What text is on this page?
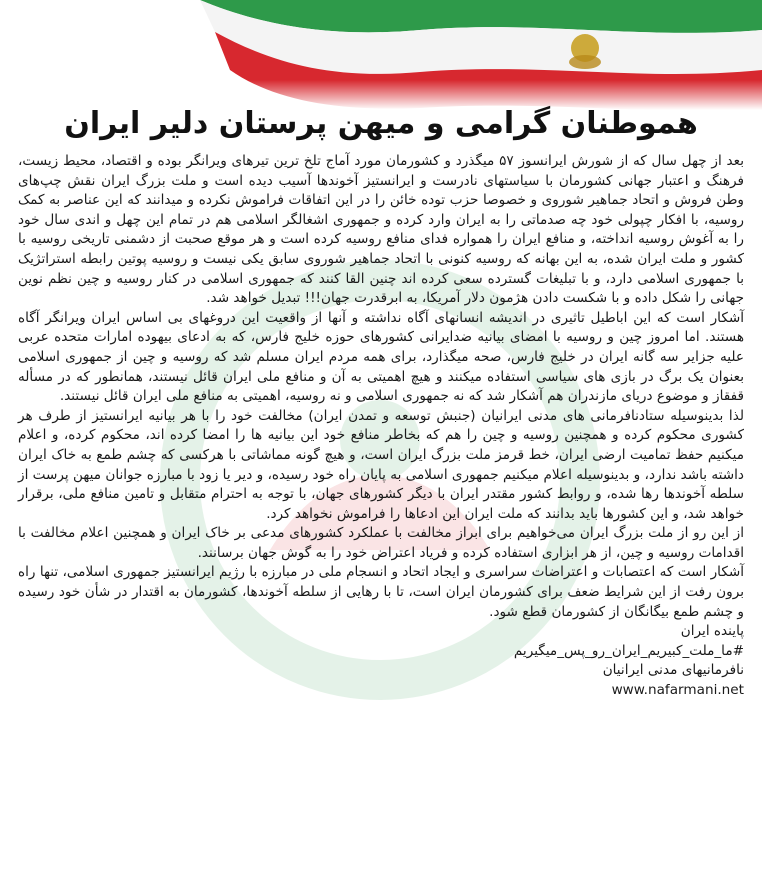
هموطنان گرامی و میهن پرستان دلیر ایران

بعد از چهل سال که از شورش ایرانسوز ۵۷ میگذرد و کشورمان مورد آماج تلخ ترین تیرهای ویرانگر بوده و اقتصاد، محیط زیست، فرهنگ و اعتبار جهانی کشورمان با سیاستهای نادرست و ایرانستیز آخوندها آسیب دیده است و ملت بزرگ ایران نقش چپ‌های وطن فروش و اتحاد جماهیر شوروی و خصوصا حزب توده خائن را در این اتفاقات فراموش نکرده و میدانند که این عناصر به کمک روسیه، با افکار چپولی خود چه صدماتی را به ایران وارد کرده و جمهوری اشغالگر اسلامی هم در تمام این چهل و اندی سال خود را به آغوش روسیه انداخته، و منافع ایران را همواره فدای منافع روسیه کرده است و هر موقع صحبت از دشمنی تاریخی روسیه با کشور و ملت ایران شده، به این بهانه که روسیه کنونی با اتحاد جماهیر شوروی سابق یکی نیست و روسیه پوتین رابطه استراتژیک با جمهوری اسلامی دارد، و با تبلیغات گسترده سعی کرده اند چنین القا کنند که جمهوری اسلامی در کنار روسیه و چین نظم نوین جهانی را شکل داده و با شکست دادن هژمون دلار آمریکا، به ابرقدرت جهان!!! تبدیل خواهد شد.

آشکار است که این اباطیل تاثیری در اندیشه انسانهای آگاه نداشته و آنها از واقعیت این دروغهای بی اساس ایران ویرانگر آگاه هستند. اما امروز چین و روسیه با امضای بیانیه ضدایرانی کشورهای حوزه خلیج فارس، که به ادعای بیهوده امارات متحده عربی علیه جزایر سه گانه ایران در خلیج فارس، صحه میگذارد، برای همه مردم ایران مسلم شد که روسیه و چین از جمهوری اسلامی بعنوان یک برگ در بازی های سیاسی استفاده میکنند و هیچ اهمیتی به آن و منافع ملی ایران قائل نیستند، همانطور که در مسأله قفقاز و موضوع دریای مازندران هم آشکار شد که نه جمهوری اسلامی و نه روسیه، اهمیتی به منافع ملی ایران قائل نیستند.

لذا بدینوسیله ستادنافرمانی های مدنی ایرانیان (جنبش توسعه و تمدن ایران) مخالفت خود را با هر بیانیه ایرانستیز از طرف هر کشوری محکوم کرده و همچنین روسیه و چین را هم که بخاطر منافع خود این بیانیه ها را امضا کرده اند، محکوم کرده، و اعلام میکنیم حفظ تمامیت ارضی ایران، خط قرمز ملت بزرگ ایران است، و هیچ گونه مماشاتی با هرکسی که چشم طمع به خاک ایران داشته باشد ندارد، و بدینوسیله اعلام میکنیم جمهوری اسلامی به پایان راه خود رسیده، و دیر یا زود با مبارزه جوانان میهن پرست از سلطه آخوندها رها شده، و روابط کشور مقتدر ایران با دیگر کشورهای جهان، با توجه به احترام متقابل و تامین منافع ملی، برقرار خواهد شد، و این کشورها باید بدانند که ملت ایران این ادعاها را فراموش نخواهد کرد.

از این رو از ملت بزرگ ایران می‌خواهیم برای ابراز مخالفت با عملکرد کشورهای مدعی بر خاک ایران و همچنین اعلام مخالفت با اقدامات روسیه و چین، از هر ابزاری استفاده کرده و فریاد اعتراض خود را به گوش جهان برسانند.

آشکار است که اعتصابات و اعتراضات سراسری و ایجاد اتحاد و انسجام ملی در مبارزه با رژیم ایرانستیز جمهوری اسلامی، تنها راه برون رفت از این شرایط ضعف برای کشورمان ایران است، تا با رهایی از سلطه آخوندها، کشورمان به اقتدار در شأن خود رسیده و چشم طمع بیگانگان از کشورمان قطع شود.

پاینده ایران

#ما_ملت_کبیریم_ایران_رو_پس_میگیریم

نافرمانیهای مدنی ایرانیان

www.nafarmani.net
